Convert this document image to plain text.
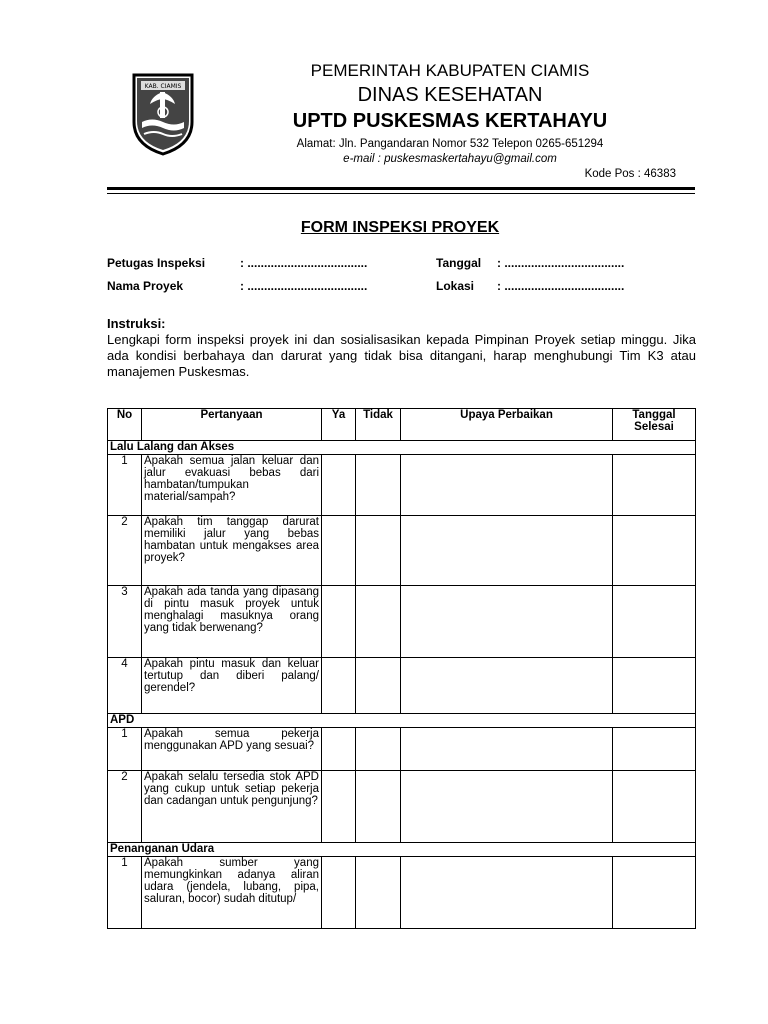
KAB. CIAMIS
PEMERINTAH KABUPATEN CIAMIS
DINAS KESEHATAN
UPTD PUSKESMAS KERTAHAYU
Alamat: Jln. Pangandaran Nomor 532 Telepon 0265-651294
e-mail : puskesmaskertahayu@gmail.com
Kode Pos : 46383
FORM INSPEKSI PROYEK
Petugas Inspeksi	: ....................................	Tanggal : ....................................
Nama Proyek	: ....................................	Lokasi : ....................................
Instruksi:
Lengkapi form inspeksi proyek ini dan sosialisasikan kepada Pimpinan Proyek setiap minggu. Jika ada kondisi berbahaya dan darurat yang tidak bisa ditangani, harap menghubungi Tim K3 atau manajemen Puskesmas.
No	Pertanyaan	Ya	Tidak	Upaya Perbaikan	Tanggal Selesai
Lalu Lalang dan Akses					
1	Apakah semua jalan keluar dan jalur evakuasi bebas dari hambatan/tumpukan material/sampah?				
2	Apakah tim tanggap darurat memiliki jalur yang bebas hambatan untuk mengakses area proyek?				
3	Apakah ada tanda yang dipasang di pintu masuk proyek untuk menghalagi masuknya orang yang tidak berwenang?				
4	Apakah pintu masuk dan keluar tertutup dan diberi palang/ gerendel?				
APD					
1	Apakah semua pekerja menggunakan APD yang sesuai?				
2	Apakah selalu tersedia stok APD yang cukup untuk setiap pekerja dan cadangan untuk pengunjung?				
Penanganan Udara					
1	Apakah sumber yang memungkinkan adanya aliran udara (jendela, lubang, pipa, saluran, bocor) sudah ditutup/				
